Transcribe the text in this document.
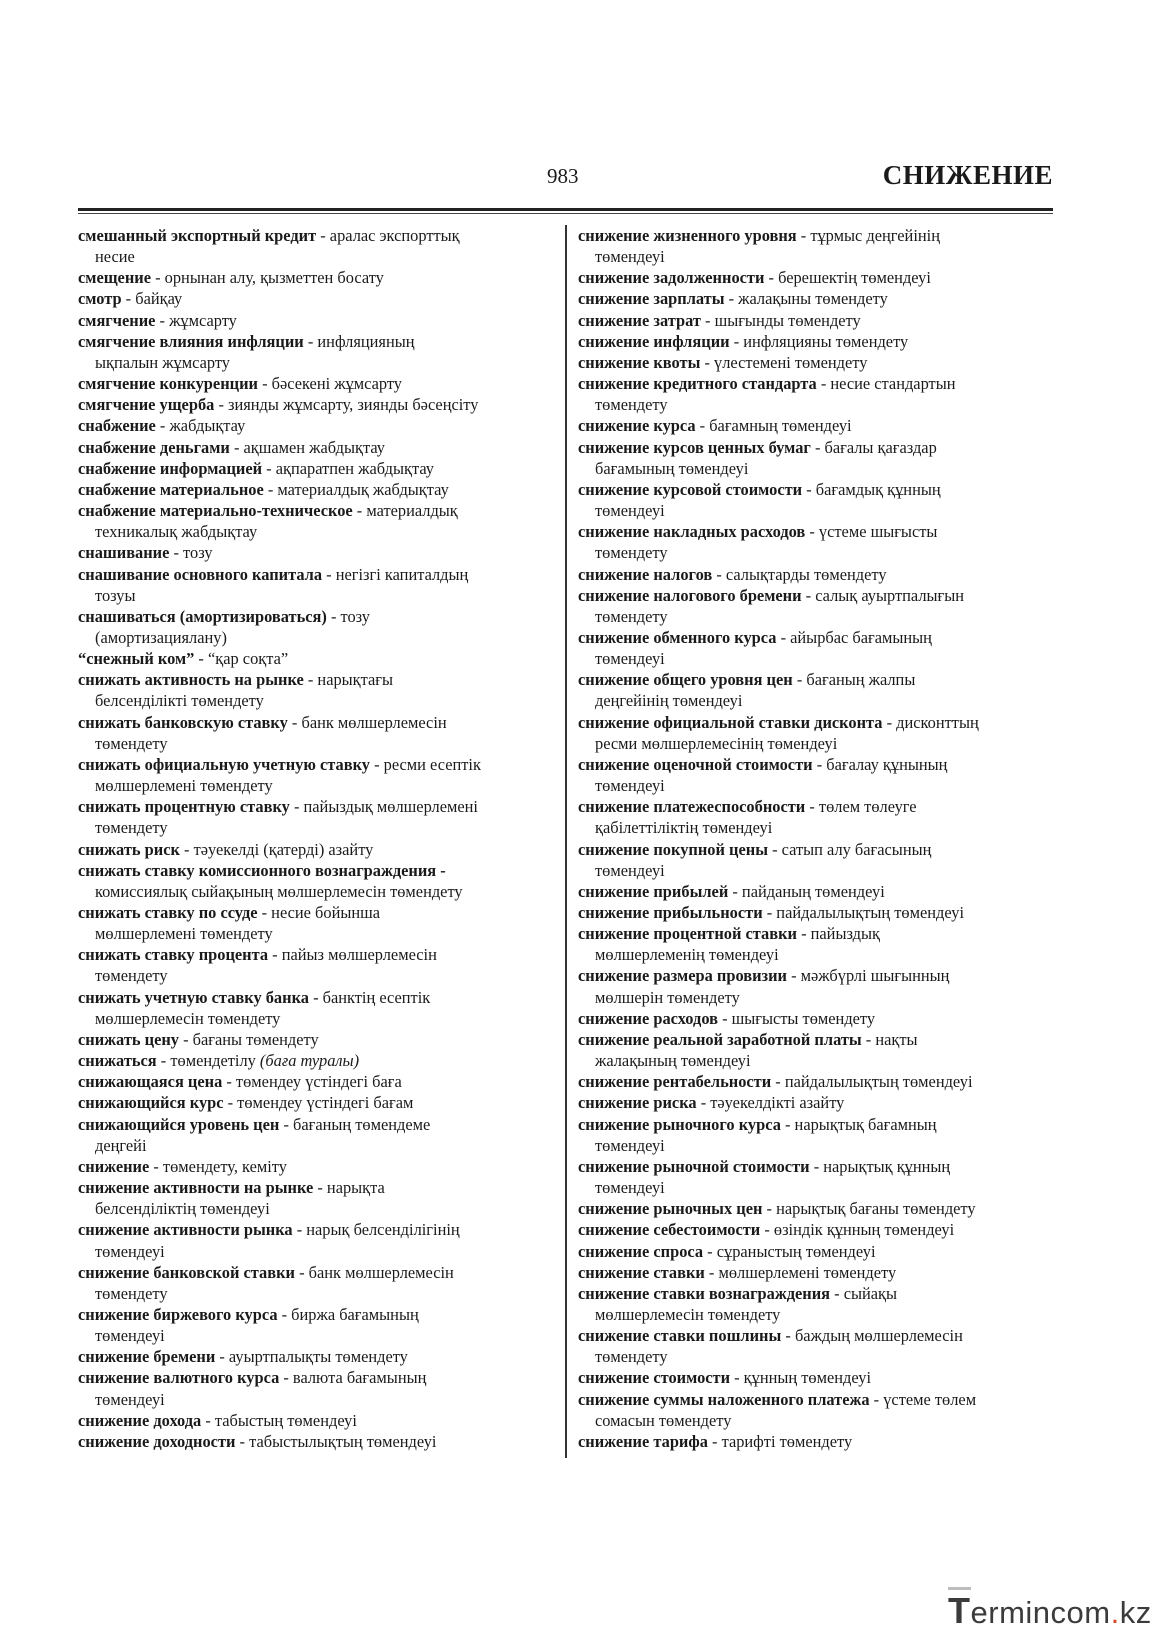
983	СНИЖЕНИЕ
смешанный экспортный кредит - аралас экспорттық
несие
смещение - орнынан алу, қызметтен босату
смотр - байқау
смягчение - жұмсарту
смягчение влияния инфляции - инфляцияның
ықпалын жұмсарту
смягчение конкуренции - бәсекені жұмсарту
смягчение ущерба - зиянды жұмсарту, зиянды бәсеңсіту
снабжение - жабдықтау
снабжение деньгами - ақшамен жабдықтау
снабжение информацией - ақпаратпен жабдықтау
снабжение материальное - материалдық жабдықтау
снабжение материально-техническое - материалдық
техникалық жабдықтау
снашивание - тозу
снашивание основного капитала - негізгі капиталдың
тозуы
снашиваться (амортизироваться) - тозу
(амортизациялану)
“снежный ком” - “қар соқта”
снижать активность на рынке - нарықтағы
белсенділікті төмендету
снижать банковскую ставку - банк мөлшерлемесін
төмендету
снижать официальную учетную ставку - ресми есептік
мөлшерлемені төмендету
снижать процентную ставку - пайыздық мөлшерлемені
төмендету
снижать риск - тәуекелді (қатерді) азайту
снижать ставку комиссионного вознаграждения -
комиссиялық сыйақының мөлшерлемесін төмендету
снижать ставку по ссуде - несие бойынша
мөлшерлемені төмендету
снижать ставку процента - пайыз мөлшерлемесін
төмендету
снижать учетную ставку банка - банктің есептік
мөлшерлемесін төмендету
снижать цену - бағаны төмендету
снижаться - төмендетілу (баға туралы)
снижающаяся цена - төмендеу үстіндегі баға
снижающийся курс - төмендеу үстіндегі бағам
снижающийся уровень цен - бағаның төмендеме
деңгейі
снижение - төмендету, кеміту
снижение активности на рынке - нарықта
белсенділіктің төмендеуі
снижение активности рынка - нарық белсенділігінің
төмендеуі
снижение банковской ставки - банк мөлшерлемесін
төмендету
снижение биржевого курса - биржа бағамының
төмендеуі
снижение бремени - ауыртпалықты төмендету
снижение валютного курса - валюта бағамының
төмендеуі
снижение дохода - табыстың төмендеуі
снижение доходности - табыстылықтың төмендеуі
снижение жизненного уровня - тұрмыс деңгейінің
төмендеуі
снижение задолженности - берешектің төмендеуі
снижение зарплаты - жалақыны төмендету
снижение затрат - шығынды төмендету
снижение инфляции - инфляцияны төмендету
снижение квоты - үлестемені төмендету
снижение кредитного стандарта - несие стандартын
төмендету
снижение курса - бағамның төмендеуі
снижение курсов ценных бумаг - бағалы қағаздар
бағамының төмендеуі
снижение курсовой стоимости - бағамдық құнның
төмендеуі
снижение накладных расходов - үстеме шығысты
төмендету
снижение налогов - салықтарды төмендету
снижение налогового бремени - салық ауыртпалығын
төмендету
снижение обменного курса - айырбас бағамының
төмендеуі
снижение общего уровня цен - бағаның жалпы
деңгейінің төмендеуі
снижение официальной ставки дисконта - дисконттың
ресми мөлшерлемесінің төмендеуі
снижение оценочной стоимости - бағалау құнының
төмендеуі
снижение платежеспособности - төлем төлеуге
қабілеттіліктің төмендеуі
снижение покупной цены - сатып алу бағасының
төмендеуі
снижение прибылей - пайданың төмендеуі
снижение прибыльности - пайдалылықтың төмендеуі
снижение процентной ставки - пайыздық
мөлшерлеменің төмендеуі
снижение размера провизии - мәжбүрлі шығынның
мөлшерін төмендету
снижение расходов - шығысты төмендету
снижение реальной заработной платы - нақты
жалақының төмендеуі
снижение рентабельности - пайдалылықтың төмендеуі
снижение риска - тәуекелдікті азайту
снижение рыночного курса - нарықтық бағамның
төмендеуі
снижение рыночной стоимости - нарықтық құнның
төмендеуі
снижение рыночных цен - нарықтық бағаны төмендету
снижение себестоимости - өзіндік құнның төмендеуі
снижение спроса - сұраныстың төмендеуі
снижение ставки - мөлшерлемені төмендету
снижение ставки вознаграждения - сыйақы
мөлшерлемесін төмендету
снижение ставки пошлины - баждың мөлшерлемесін
төмендету
снижение стоимости - құнның төмендеуі
снижение суммы наложенного платежа - үстеме төлем
сомасын төмендету
снижение тарифа - тарифті төмендету
Termincom.kz
